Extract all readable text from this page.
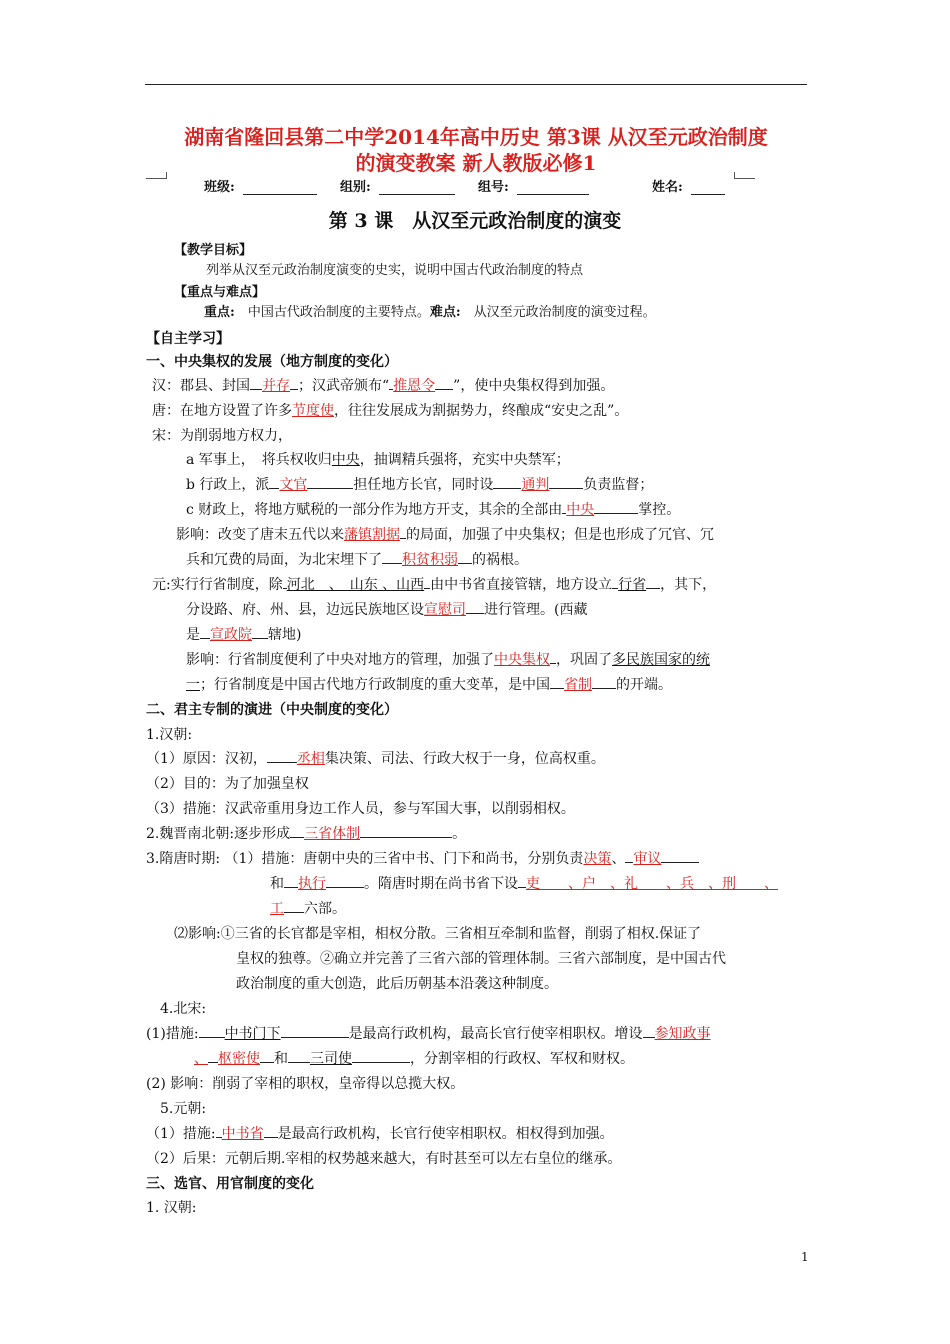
湖南省隆回县第二中学2014年高中历史 第3课 从汉至元政治制度
的演变教案 新人教版必修1
班级:	组别:	组号:	姓名:
第 3 课　从汉至元政治制度的演变
【教学目标】
列举从汉至元政治制度演变的史实，说明中国古代政治制度的特点
【重点与难点】
重点:　 中国古代政治制度的主要特点。难点:　 从汉至元政治制度的演变过程。
【自主学习】
一、中央集权的发展（地方制度的变化）
汉：郡县、封国 并存 ；汉武帝颁布“ 推恩令 ”，使中央集权得到加强。
唐：在地方设置了许多节度使，往往发展成为割据势力，终酿成“安史之乱”。
宋：为削弱地方权力，
a 军事上，　将兵权收归中央，抽调精兵强将，充实中央禁军；
b 行政上，派 文官	担任地方长官，同时设 通判 负责监督；
c 财政上，将地方赋税的一部分作为地方开支，其余的全部由 中央	掌控。
影响：改变了唐末五代以来藩镇割据 的局面，加强了中央集权；但是也形成了冗官、冗
兵和冗费的局面，为北宋埋下了 积贫积弱 的祸根。
元:实行行省制度，除 河北　、　山东 、山西 由中书省直接管辖，地方设立 行省 ，其下，
分设路、府、州、县，边远民族地区设宣慰司 进行管理。(西藏
是 宣政院 辖地)
影响：行省制度便利了中央对地方的管理，加强了中央集权 ，巩固了多民族国家的统
一；行省制度是中国古代地方行政制度的重大变革，是中国 省制 的开端。
二、君主专制的演进（中央制度的变化）
1.汉朝:
（1）原因：汉初， 丞相集决策、司法、行政大权于一身，位高权重。
（2）目的：为了加强皇权
（3）措施：汉武帝重用身边工作人员，参与军国大事，以削弱相权。
2.魏晋南北朝:逐步形成 三省体制	。
3.隋唐时期: （1）措施：唐朝中央的三省中书、门下和尚书，分别负责决策、 审议
和 执行	。隋唐时期在尚书省下设 吏　　、户　、礼　　、兵　、刑　　、
工 六部。
⑵影响:①三省的长官都是宰相，相权分散。三省相互牵制和监督，削弱了相权.保证了
皇权的独尊。②确立并完善了三省六部的管理体制。三省六部制度，是中国古代
政治制度的重大创造，此后历朝基本沿袭这种制度。
4.北宋:
(1)措施: 中书门下	是最高行政机构，最高长官行使宰相职权。增设 参知政事
、 枢密使 和 三司使	，分割宰相的行政权、军权和财权。
(2) 影响：削弱了宰相的职权，皇帝得以总揽大权。
5.元朝:
（1）措施: 中书省 是最高行政机构，长官行使宰相职权。相权得到加强。
（2）后果：元朝后期.宰相的权势越来越大，有时甚至可以左右皇位的继承。
三、选官、用官制度的变化
1. 汉朝:
1
